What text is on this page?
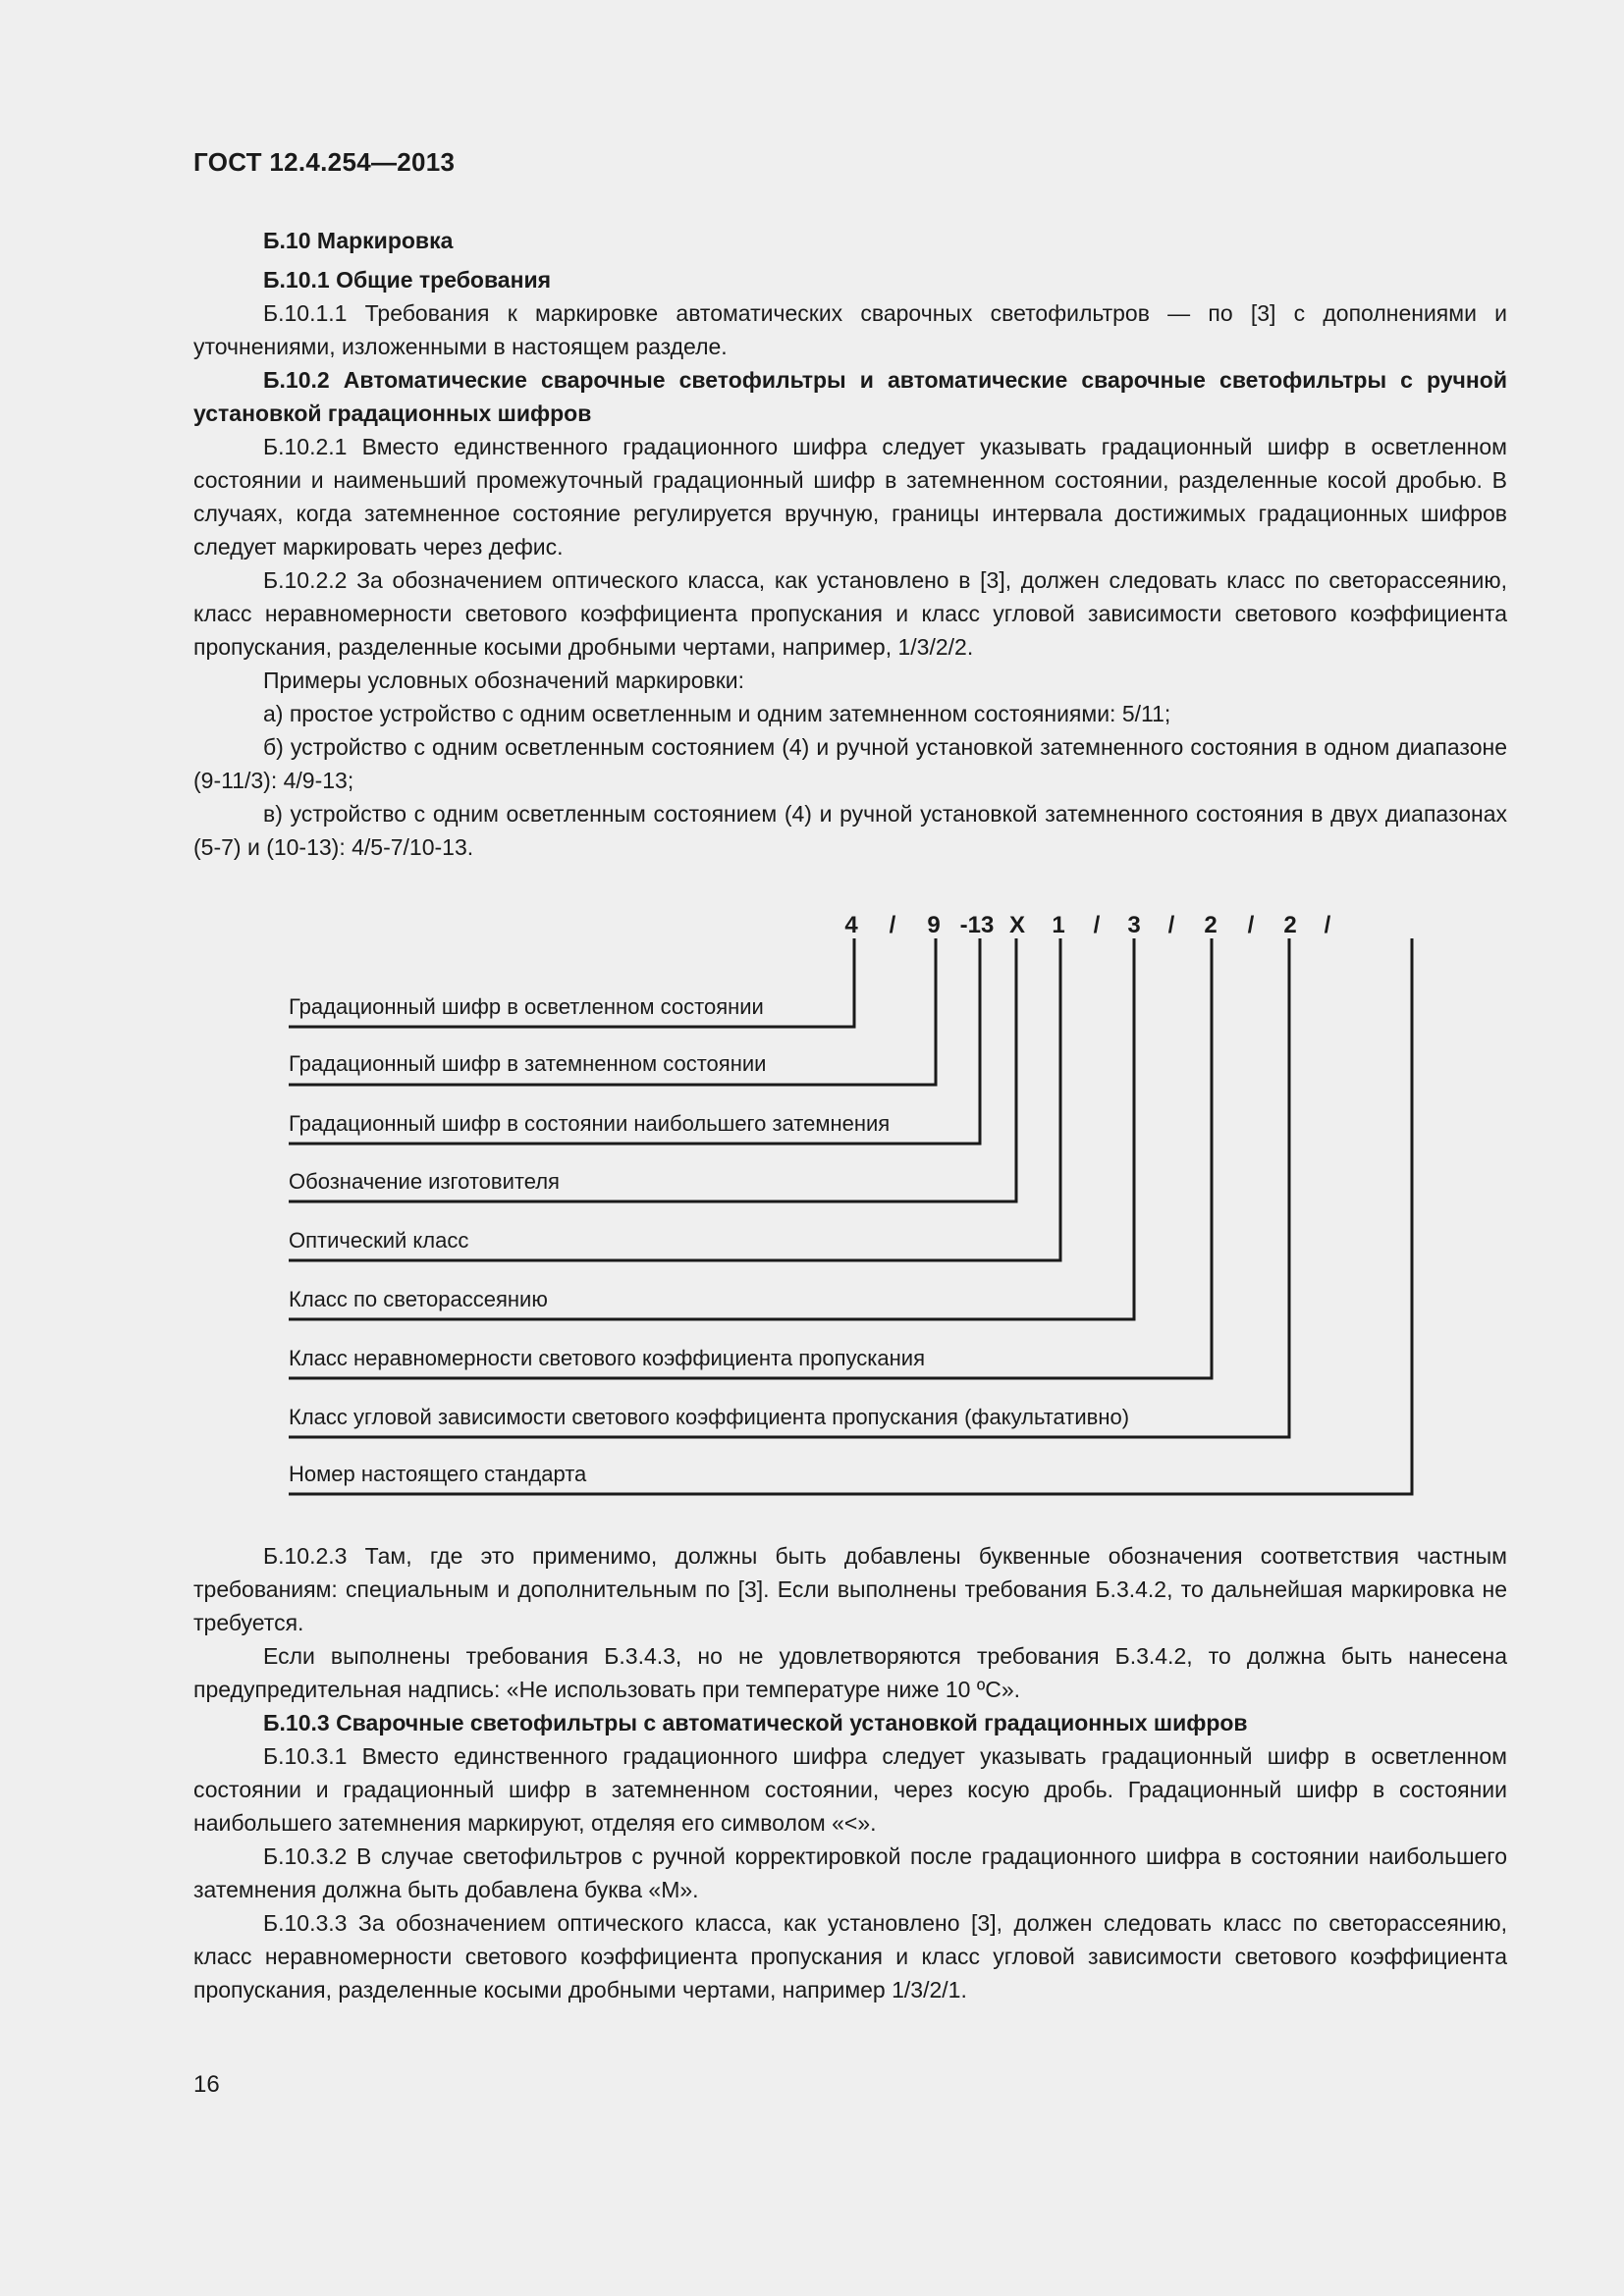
ГОСТ 12.4.254—2013

Б.10 Маркировка

Б.10.1 Общие требования

Б.10.1.1 Требования к маркировке автоматических сварочных светофильтров — по [3] с дополнениями и уточнениями, изложенными в настоящем разделе.

Б.10.2 Автоматические сварочные светофильтры и автоматические сварочные светофильтры с ручной установкой градационных шифров

Б.10.2.1 Вместо единственного градационного шифра следует указывать градационный шифр в осветленном состоянии и наименьший промежуточный градационный шифр в затемненном состоянии, разделенные косой дробью. В случаях, когда затемненное состояние регулируется вручную, границы интервала достижимых градационных шифров следует маркировать через дефис.

Б.10.2.2 За обозначением оптического класса, как установлено в [3], должен следовать класс по светорассеянию, класс неравномерности светового коэффициента пропускания и класс угловой зависимости светового коэффициента пропускания, разделенные косыми дробными чертами, например, 1/3/2/2.

Примеры условных обозначений маркировки:

а) простое устройство с одним осветленным и одним затемненном состояниями: 5/11;

б) устройство с одним осветленным состоянием (4) и ручной установкой затемненного состояния в одном диапазоне (9-11/3): 4/9-13;

в) устройство с одним осветленным состоянием (4) и ручной установкой затемненного состояния в двух диапазонах (5-7) и (10-13): 4/5-7/10-13.

4 / 9 -13 X 1 / 3 / 2 / 2 /
Градационный шифр в осветленном состоянии
Градационный шифр в затемненном состоянии
Градационный шифр в состоянии наибольшего затемнения
Обозначение изготовителя
Оптический класс
Класс по светорассеянию
Класс неравномерности светового коэффициента пропускания
Класс угловой зависимости светового коэффициента пропускания (факультативно)
Номер настоящего стандарта

Б.10.2.3 Там, где это применимо, должны быть добавлены буквенные обозначения соответствия частным требованиям: специальным и дополнительным по [3]. Если выполнены требования Б.3.4.2, то дальнейшая маркировка не требуется.

Если выполнены требования Б.3.4.3, но не удовлетворяются требования Б.3.4.2, то должна быть нанесена предупредительная надпись: «Не использовать при температуре ниже 10 ºС».

Б.10.3 Сварочные светофильтры с автоматической установкой градационных шифров

Б.10.3.1 Вместо единственного градационного шифра следует указывать градационный шифр в осветленном состоянии и градационный шифр в затемненном состоянии, через косую дробь. Градационный шифр в состоянии наибольшего затемнения маркируют, отделяя его символом «<».

Б.10.3.2 В случае светофильтров с ручной корректировкой после градационного шифра в состоянии наибольшего затемнения должна быть добавлена буква «М».

Б.10.3.3 За обозначением оптического класса, как установлено [3], должен следовать класс по светорассеянию, класс неравномерности светового коэффициента пропускания и класс угловой зависимости светового коэффициента пропускания, разделенные косыми дробными чертами, например 1/3/2/1.

16
